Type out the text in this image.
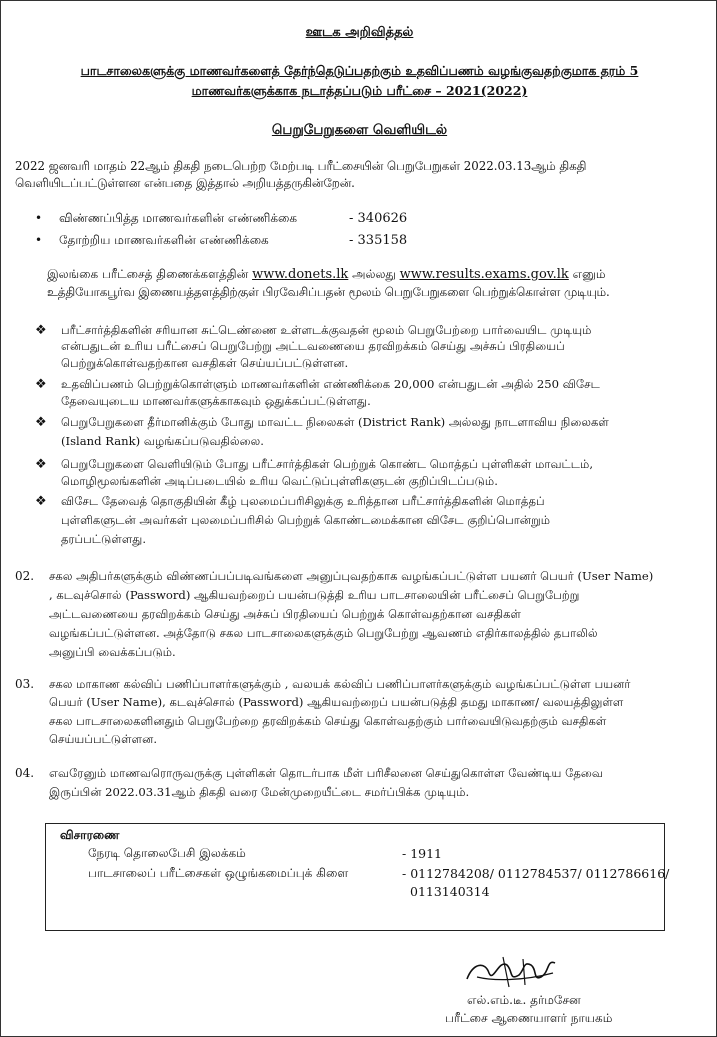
ஊடக அறிவித்தல்
பாடசாலைகளுக்கு மாணவர்களைத் தேர்ந்தெடுப்பதற்கும் உதவிப்பணம் வழங்குவதற்குமாக தரம் 5
மாணவர்களுக்காக நடாத்தப்படும் பரீட்சை – 2021(2022)
பெறுபேறுகளை வெளியிடல்
2022 ஜனவரி மாதம் 22ஆம் திகதி நடைபெற்ற மேற்படி பரீட்சையின் பெறுபேறுகள் 2022.03.13ஆம் திகதி
வெளியிடப்பட்டுள்ளன என்பதை இத்தால் அறியத்தருகின்றேன்.
• விண்ணப்பித்த மாணவர்களின் எண்ணிக்கை	- 340626
• தோற்றிய மாணவர்களின் எண்ணிக்கை	- 335158
இலங்கை பரீட்சைத் திணைக்களத்தின் www.donets.lk அல்லது www.results.exams.gov.lk எனும்
உத்தியோகபூர்வ இணையத்தளத்திற்குள் பிரவேசிப்பதன் மூலம் பெறுபேறுகளை பெற்றுக்கொள்ள முடியும்.
❖ பரீட்சார்த்திகளின் சரியான சுட்டெண்ணை உள்ளடக்குவதன் மூலம் பெறுபேற்றை பார்வையிட முடியும்
என்பதுடன் உரிய பரீட்சைப் பெறுபேற்று அட்டவணையை தரவிறக்கம் செய்து அச்சுப் பிரதியைப்
பெற்றுக்கொள்வதற்கான வசதிகள் செய்யப்பட்டுள்ளன.
❖ உதவிப்பணம் பெற்றுக்கொள்ளும் மாணவர்களின் எண்ணிக்கை 20,000 என்பதுடன் அதில் 250 விசேட
தேவையுடைய மாணவர்களுக்காகவும் ஒதுக்கப்பட்டுள்ளது.
❖ பெறுபேறுகளை தீர்மானிக்கும் போது மாவட்ட நிலைகள் (District Rank) அல்லது நாடளாவிய நிலைகள்
(Island Rank) வழங்கப்படுவதில்லை.
❖ பெறுபேறுகளை வெளியிடும் போது பரீட்சார்த்திகள் பெற்றுக் கொண்ட மொத்தப் புள்ளிகள் மாவட்டம்,
மொழிமூலங்களின் அடிப்படையில் உரிய வெட்டுப்புள்ளிகளுடன் குறிப்பிடப்படும்.
❖ விசேட தேவைத் தொகுதியின் கீழ் புலமைப்பரிசிலுக்கு உரித்தான பரீட்சார்த்திகளின் மொத்தப்
புள்ளிகளுடன் அவர்கள் புலமைப்பரிசில் பெற்றுக் கொண்டமைக்கான விசேட குறிப்பொன்றும்
தரப்பட்டுள்ளது.
02. சகல அதிபர்களுக்கும் விண்ணப்பப்படிவங்களை அனுப்புவதற்காக வழங்கப்பட்டுள்ள பயனர் பெயர் (User Name)
, கடவுச்சொல் (Password) ஆகியவற்றைப் பயன்படுத்தி உரிய பாடசாலையின் பரீட்சைப் பெறுபேற்று
அட்டவணையை தரவிறக்கம் செய்து அச்சுப் பிரதியைப் பெற்றுக் கொள்வதற்கான வசதிகள்
வழங்கப்பட்டுள்ளன. அத்தோடு சகல பாடசாலைகளுக்கும் பெறுபேற்று ஆவணம் எதிர்காலத்தில் தபாலில்
அனுப்பி வைக்கப்படும்.
03. சகல மாகாண கல்விப் பணிப்பாளர்களுக்கும் , வலயக் கல்விப் பணிப்பாளர்களுக்கும் வழங்கப்பட்டுள்ள பயனர்
பெயர் (User Name), கடவுச்சொல் (Password) ஆகியவற்றைப் பயன்படுத்தி தமது மாகாண/ வலயத்திலுள்ள
சகல பாடசாலைகளினதும் பெறுபேற்றை தரவிறக்கம் செய்து கொள்வதற்கும் பார்வையிடுவதற்கும் வசதிகள்
செய்யப்பட்டுள்ளன.
04. எவரேனும் மாணவரொருவருக்கு புள்ளிகள் தொடர்பாக மீள் பரிசீலனை செய்துகொள்ள வேண்டிய தேவை
இருப்பின் 2022.03.31ஆம் திகதி வரை மேன்முறையீட்டை சமர்ப்பிக்க முடியும்.
விசாரணை
நேரடி தொலைபேசி இலக்கம்	- 1911
பாடசாலைப் பரீட்சைகள் ஒழுங்கமைப்புக் கிளை	- 0112784208/ 0112784537/ 0112786616/
0113140314
எல்.எம்.டீ. தர்மசேன
பரீட்சை ஆணையாளர் நாயகம்
